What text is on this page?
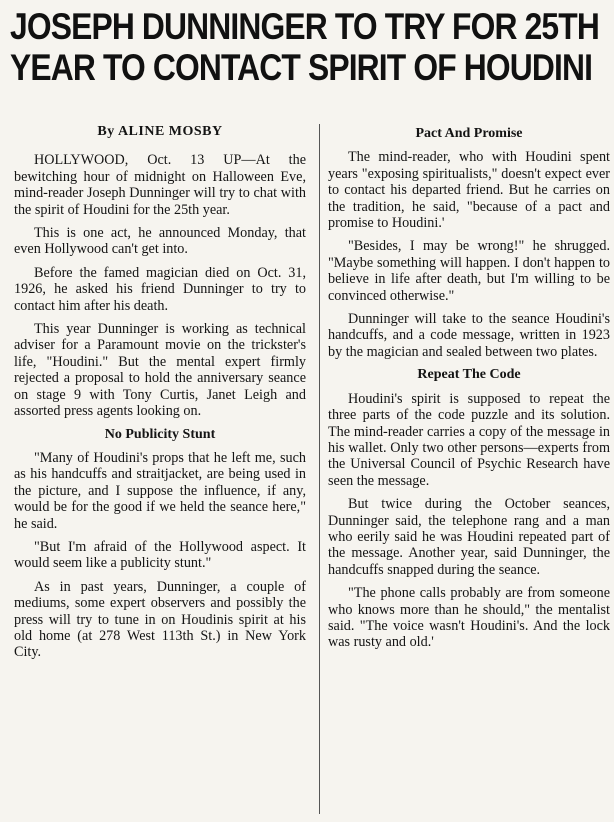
JOSEPH DUNNINGER TO TRY FOR 25TH
YEAR TO CONTACT SPIRIT OF HOUDINI
By ALINE MOSBY

HOLLYWOOD, Oct. 13 UP—At the bewitching hour of midnight on Halloween Eve, mind-reader Joseph Dunninger will try to chat with the spirit of Houdini for the 25th year.

This is one act, he announced Monday, that even Hollywood can't get into.

Before the famed magician died on Oct. 31, 1926, he asked his friend Dunninger to try to contact him after his death.

This year Dunninger is working as technical adviser for a Paramount movie on the trickster's life, "Houdini." But the mental expert firmly rejected a proposal to hold the anniversary seance on stage 9 with Tony Curtis, Janet Leigh and assorted press agents looking on.

No Publicity Stunt

"Many of Houdini's props that he left me, such as his handcuffs and straitjacket, are being used in the picture, and I suppose the influence, if any, would be for the good if we held the seance here," he said.

"But I'm afraid of the Hollywood aspect. It would seem like a publicity stunt."

As in past years, Dunninger, a couple of mediums, some expert observers and possibly the press will try to tune in on Houdinis spirit at his old home (at 278 West 113th St.) in New York City.

Pact And Promise

The mind-reader, who with Houdini spent years "exposing spiritualists," doesn't expect ever to contact his departed friend. But he carries on the tradition, he said, "because of a pact and promise to Houdini.'

"Besides, I may be wrong!" he shrugged. "Maybe something will happen. I don't happen to believe in life after death, but I'm willing to be convinced otherwise."

Dunninger will take to the seance Houdini's handcuffs, and a code message, written in 1923 by the magician and sealed between two plates.

Repeat The Code

Houdini's spirit is supposed to repeat the three parts of the code puzzle and its solution. The mind-reader carries a copy of the message in his wallet. Only two other persons—experts from the Universal Council of Psychic Research have seen the message.

But twice during the October seances, Dunninger said, the telephone rang and a man who eerily said he was Houdini repeated part of the message. Another year, said Dunninger, the handcuffs snapped during the seance.

"The phone calls probably are from someone who knows more than he should," the mentalist said. "The voice wasn't Houdini's. And the lock was rusty and old.'
